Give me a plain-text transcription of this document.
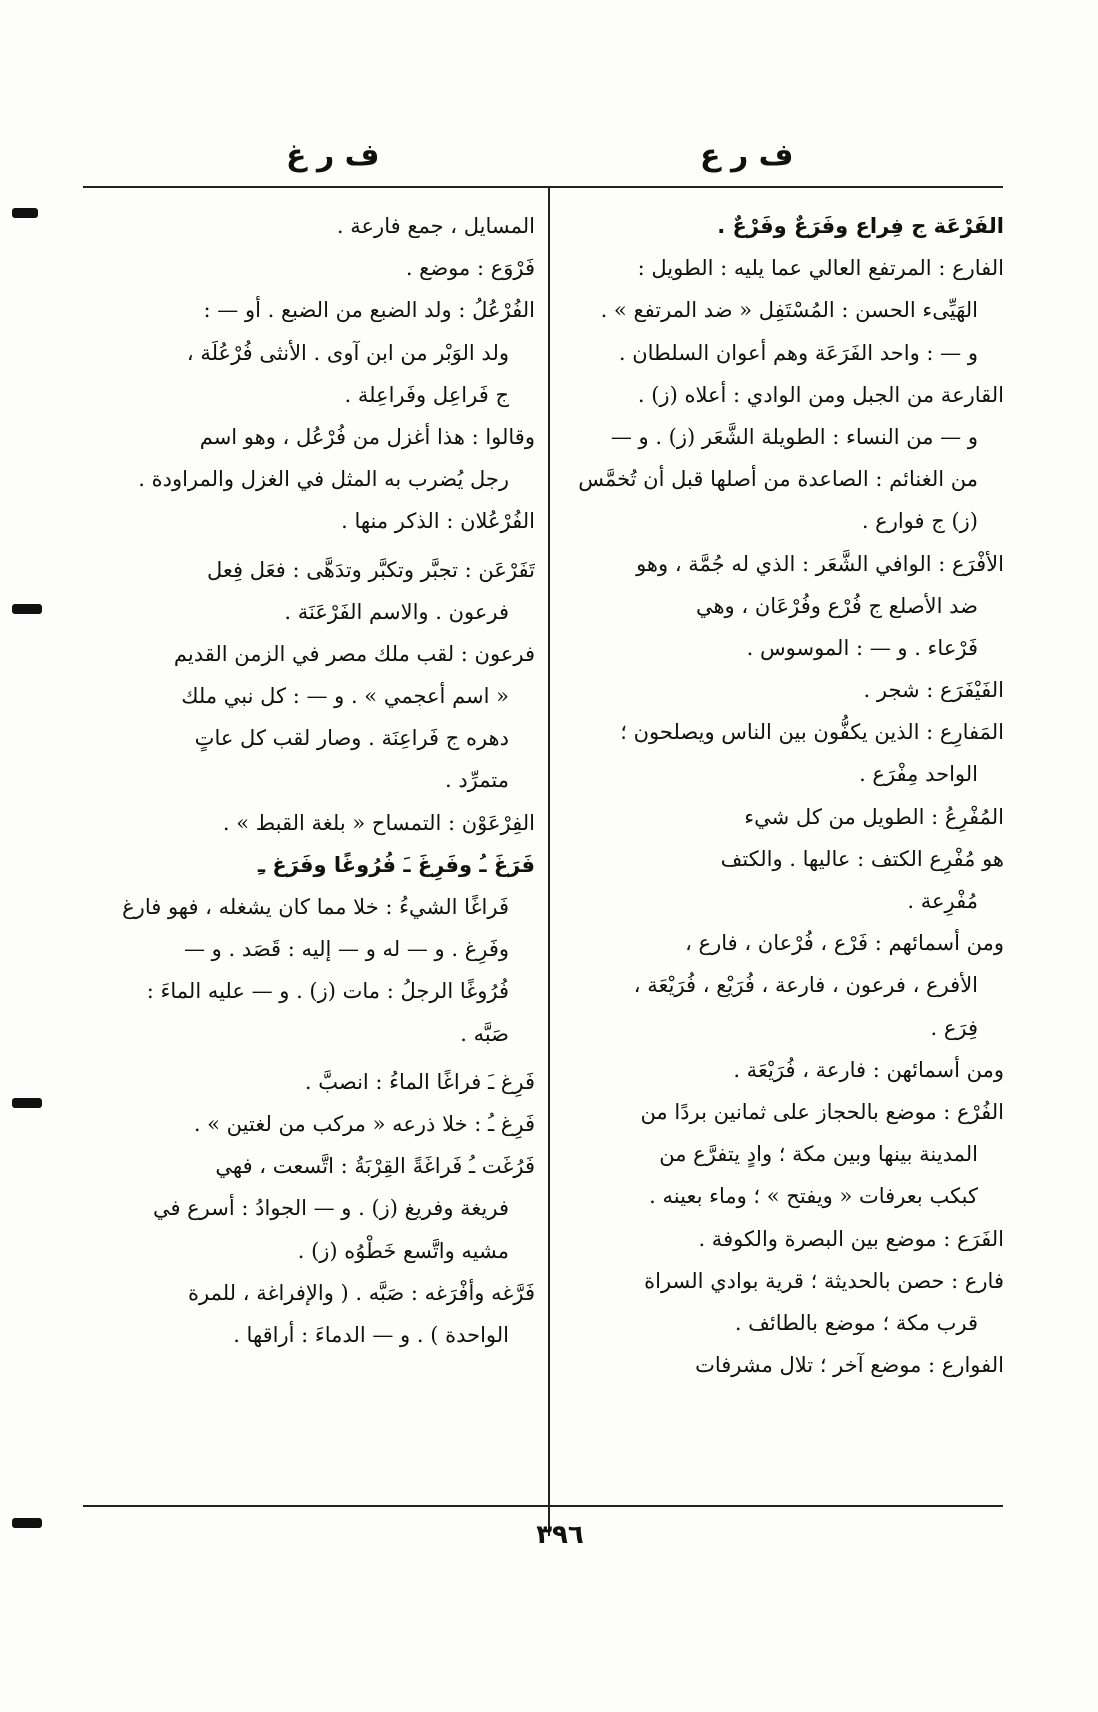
ف ر ع
ف ر غ
الفَرْعَة ج فِراع وفَرَعٌ وفَرْعٌ .
الفارع : المرتفع العالي عما يليه : الطويل :
الهَيِّىء الحسن : المُسْتَفِل « ضد المرتفع » .
و — : واحد الفَرَعَة وهم أعوان السلطان .
القارعة من الجبل ومن الوادي : أعلاه (ز) .
و — من النساء : الطويلة الشَّعَر (ز) . و —
من الغنائم : الصاعدة من أصلها قبل أن تُخمَّس
(ز) ج فوارع .
الأفْرَع : الوافي الشَّعَر : الذي له جُمَّة ، وهو
ضد الأصلع ج فُرْع وفُرْعَان ، وهي
فَرْعاء . و — : الموسوس .
الفَيْفَرَع : شجر .
المَفارِع : الذين يكفُّون بين الناس ويصلحون ؛
الواحد مِفْرَع .
المُفْرِعُ : الطويل من كل شيء
هو مُفْرِع الكتف : عاليها . والكتف
مُفْرِعة .
ومن أسمائهم : فَرْع ، فُرْعان ، فارع ،
الأفرع ، فرعون ، فارعة ، فُرَيْع ، فُرَيْعَة ،
فِرَع .
ومن أسمائهن : فارعة ، فُرَيْعَة .
الفُرْع : موضع بالحجاز على ثمانين بردًا من
المدينة بينها وبين مكة ؛ وادٍ يتفرَّع من
كبكب بعرفات « ويفتح » ؛ وماء بعينه .
الفَرَع : موضع بين البصرة والكوفة .
فارع : حصن بالحديثة ؛ قرية بوادي السراة
قرب مكة ؛ موضع بالطائف .
الفوارع : موضع آخر ؛ تلال مشرفات
المسايل ، جمع فارعة .
فَرْوَع : موضع .
الفُرْعُلُ : ولد الضبع من الضبع . أو — :
ولد الوَبْر من ابن آوى . الأنثى فُرْعُلَة ،
ج فَراعِل وفَراعِلة .
وقالوا : هذا أغزل من فُرْعُل ، وهو اسم
رجل يُضرب به المثل في الغزل والمراودة .
الفُرْعُلان : الذكر منها .
تَفَرْعَن : تجبَّر وتكبَّر وتدَهَّى : فعَل فِعل
فرعون . والاسم الفَرْعَنَة .
فرعون : لقب ملك مصر في الزمن القديم
« اسم أعجمي » . و — : كل نبي ملك
دهره ج فَراعِنَة . وصار لقب كل عاتٍ
متمرِّد .
الفِرْعَوْن : التمساح « بلغة القبط » .
فَرَغَ ـُ وفَرِغَ ـَ فُرُوغًا وفَرَغ ـِ
فَراغًا الشيءُ : خلا مما كان يشغله ، فهو فارغ
وفَرِغ . و — له و — إليه : قَصَد . و —
فُرُوغًا الرجلُ : مات (ز) . و — عليه الماءَ :
صَبَّه .
فَرِغ ـَ فراغًا الماءُ : انصبَّ .
فَرِغ ـُ : خلا ذرعه « مركب من لغتين » .
فَرُغَت ـُ فَراغَةً القِرْبَةُ : اتَّسعت ، فهي
فريغة وفريغ (ز) . و — الجوادُ : أسرع في
مشيه واتَّسع خَطْوُه (ز) .
فَرَّغه وأفْرَغه : صَبَّه . ( والإفراغة ، للمرة
الواحدة ) . و — الدماءَ : أراقها .
٣٩٦
